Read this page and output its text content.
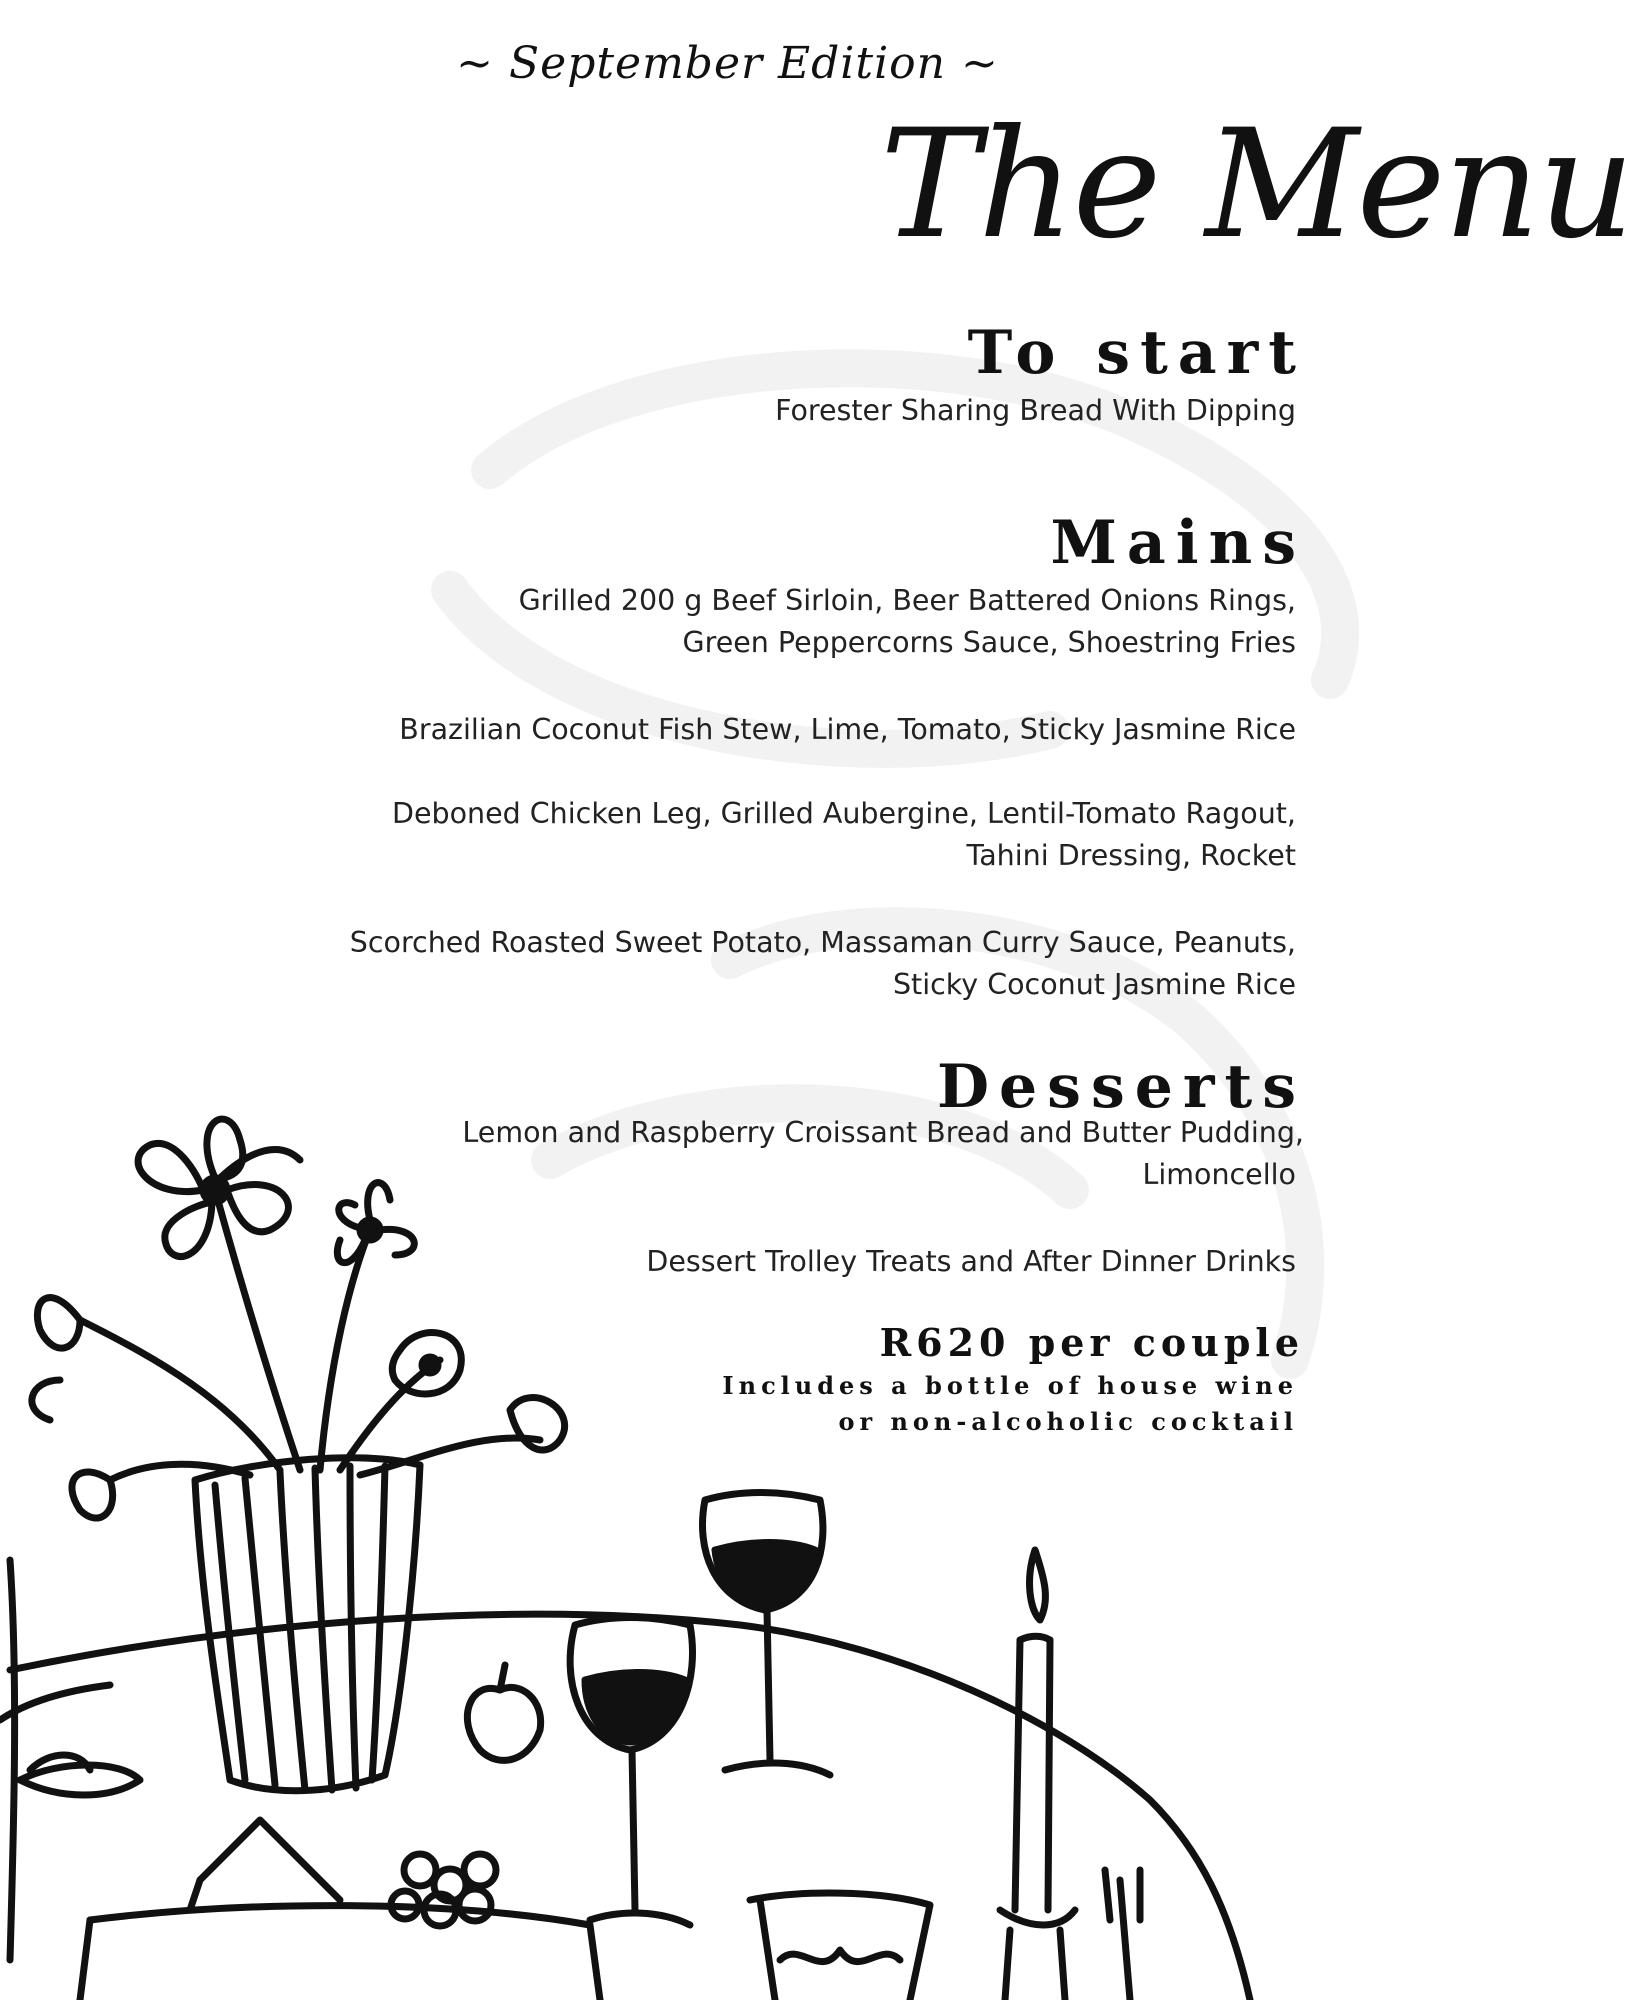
~ September Edition ~
The Menu
To start
Forester Sharing Bread With Dipping
Mains
Grilled 200 g Beef Sirloin, Beer Battered Onions Rings,
Green Peppercorns Sauce, Shoestring Fries
Brazilian Coconut Fish Stew, Lime, Tomato, Sticky Jasmine Rice
Deboned Chicken Leg, Grilled Aubergine, Lentil-Tomato Ragout,
Tahini Dressing, Rocket
Scorched Roasted Sweet Potato, Massaman Curry Sauce, Peanuts,
Sticky Coconut Jasmine Rice
Desserts
Lemon and Raspberry Croissant Bread and Butter Pudding,
Limoncello
Dessert Trolley Treats and After Dinner Drinks
R620 per couple
Includes a bottle of house wine
or non-alcoholic cocktail
